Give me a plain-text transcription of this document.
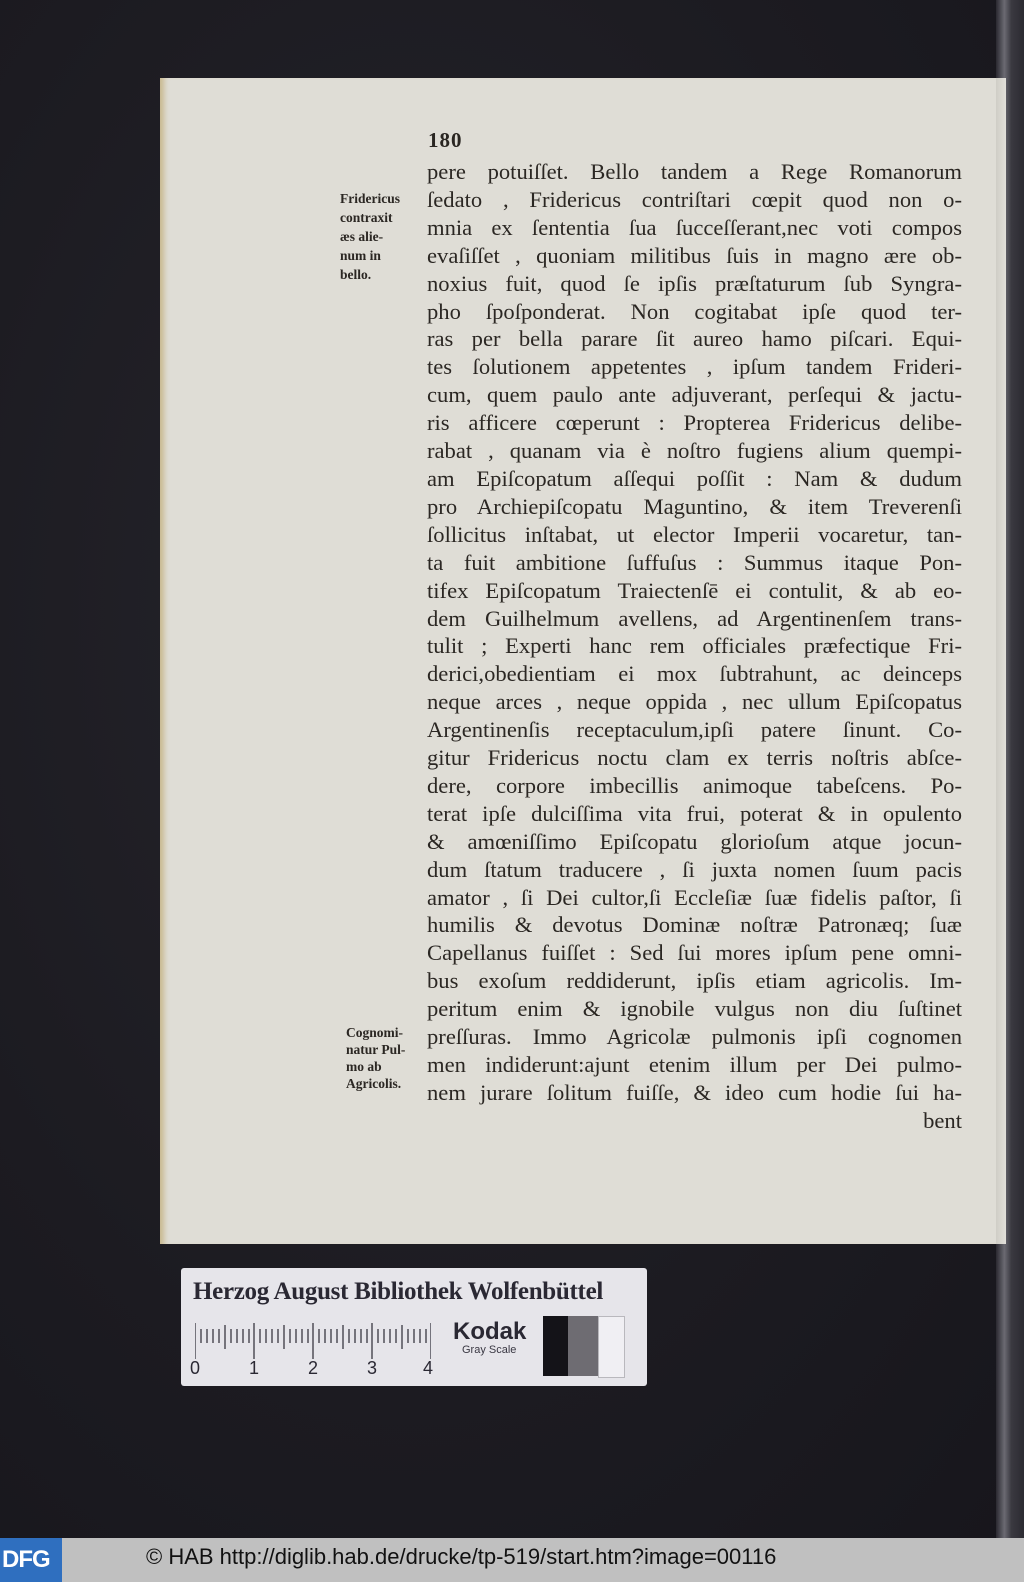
180
Fridericus
contraxit
æs alie-
num in
bello.
Cognomi-
natur Pul-
mo ab
Agricolis.
pere potuiſſet. Bello tandem a Rege Romanorum
ſedato , Fridericus contriſtari cœpit quod non o-
mnia ex ſententia ſua ſucceſſerant,nec voti compos
evaſiſſet , quoniam militibus ſuis in magno ære ob-
noxius fuit, quod ſe ipſis præſtaturum ſub Syngra-
pho ſpoſponderat. Non cogitabat ipſe quod ter-
ras per bella parare ſit aureo hamo piſcari. Equi-
tes ſolutionem appetentes , ipſum tandem Frideri-
cum, quem paulo ante adjuverant, perſequi & jactu-
ris afficere cœperunt : Propterea Fridericus delibe-
rabat , quanam via è noſtro fugiens alium quempi-
am Epiſcopatum aſſequi poſſit : Nam & dudum
pro Archiepiſcopatu Maguntino, & item Treverenſi
ſollicitus inſtabat, ut elector Imperii vocaretur, tan-
ta fuit ambitione ſuffuſus : Summus itaque Pon-
tifex Epiſcopatum Traiectenſē ei contulit, & ab eo-
dem Guilhelmum avellens, ad Argentinenſem trans-
tulit ; Experti hanc rem officiales præfectique Fri-
derici,obedientiam ei mox ſubtrahunt, ac deinceps
neque arces , neque oppida , nec ullum Epiſcopatus
Argentinenſis receptaculum,ipſi patere ſinunt. Co-
gitur Fridericus noctu clam ex terris noſtris abſce-
dere, corpore imbecillis animoque tabeſcens. Po-
terat ipſe dulciſſima vita frui, poterat & in opulento
& amœniſſimo Epiſcopatu glorioſum atque jocun-
dum ſtatum traducere , ſi juxta nomen ſuum pacis
amator , ſi Dei cultor,ſi Eccleſiæ ſuæ fidelis paſtor, ſi
humilis & devotus Dominæ noſtræ Patronæq; ſuæ
Capellanus fuiſſet : Sed ſui mores ipſum pene omni-
bus exoſum reddiderunt, ipſis etiam agricolis. Im-
peritum enim & ignobile vulgus non diu ſuſtinet
preſſuras. Immo Agricolæ pulmonis ipſi cognomen
men indiderunt:ajunt etenim illum per Dei pulmo-
nem jurare ſolitum fuiſſe, & ideo cum hodie ſui ha-
bent
Herzog August Bibliothek Wolfenbüttel
0	1	2	3	4
Kodak
Gray Scale
DFG	© HAB http://diglib.hab.de/drucke/tp-519/start.htm?image=00116
